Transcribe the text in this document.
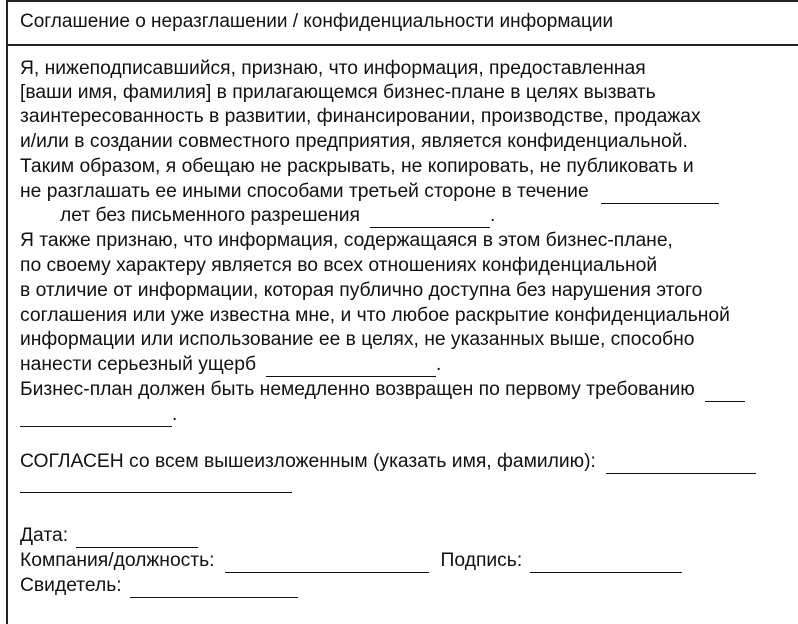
Соглашение о неразглашении / конфиденциальности информации
Я, нижеподписавшийся, признаю, что информация, предоставленная
[ваши имя, фамилия] в прилагающемся бизнес-плане в целях вызвать
заинтересованность в развитии, финансировании, производстве, продажах
и/или в создании совместного предприятия, является конфиденциальной.
Таким образом, я обещаю не раскрывать, не копировать, не публиковать и
не разглашать ее иными способами третьей стороне в течение
лет без письменного разрешения	.
Я также признаю, что информация, содержащаяся в этом бизнес-плане,
по своему характеру является во всех отношениях конфиденциальной
в отличие от информации, которая публично доступна без нарушения этого
соглашения или уже известна мне, и что любое раскрытие конфиденциальной
информации или использование ее в целях, не указанных выше, способно
нанести серьезный ущерб	.
Бизнес-план должен быть немедленно возвращен по первому требованию
.
СОГЛАСЕН со всем вышеизложенным (указать имя, фамилию):
Дата:
Компания/должность:	Подпись:
Свидетель:
